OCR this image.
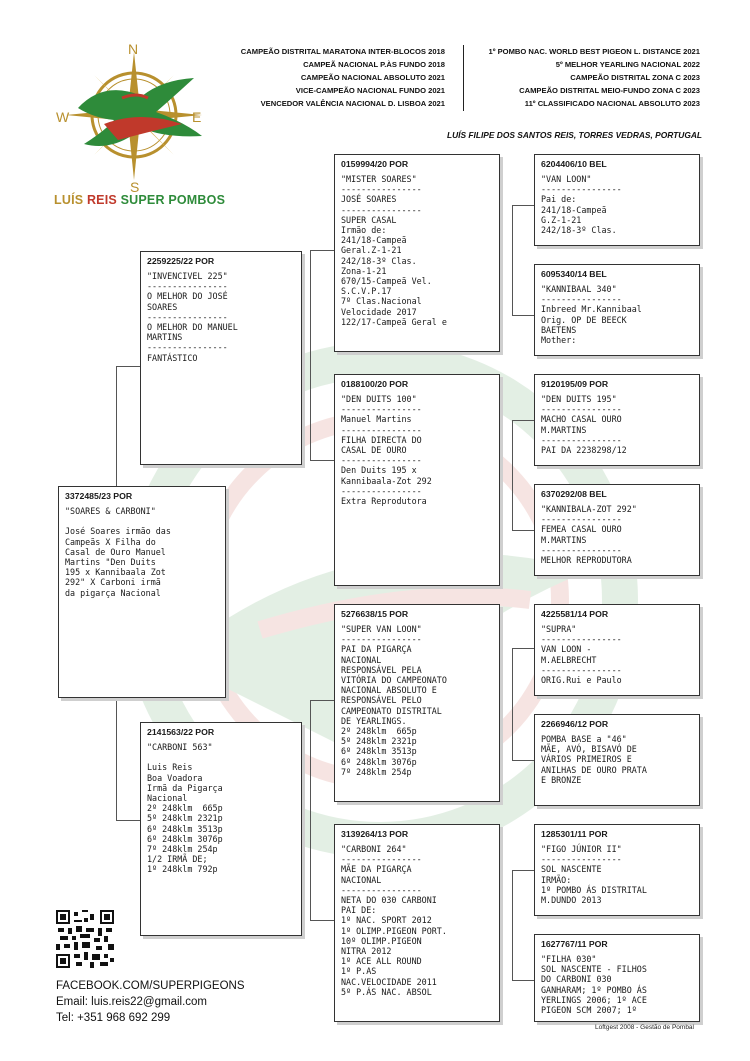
N
S
E
W
LUÍS REIS SUPER POMBOS
CAMPEÃO DISTRITAL MARATONA INTER-BLOCOS 2018
CAMPEÃ NACIONAL P.ÀS FUNDO 2018
CAMPEÃO NACIONAL ABSOLUTO 2021
VICE-CAMPEÃO NACIONAL FUNDO 2021
VENCEDOR VALÊNCIA NACIONAL D. LISBOA 2021
1º POMBO NAC. WORLD BEST PIGEON L. DISTANCE 2021
5º MELHOR YEARLING NACIONAL 2022
CAMPEÃO DISTRITAL ZONA C 2023
CAMPEÃO DISTRITAL MEIO-FUNDO ZONA C 2023
11º CLASSIFICADO NACIONAL ABSOLUTO 2023
LUÍS FILIPE DOS SANTOS REIS, TORRES VEDRAS, PORTUGAL
3372485/23 POR
"SOARES & CARBONI"

José Soares irmão das
Campeãs X Filha do
Casal de Ouro Manuel
Martins "Den Duits
195 x Kannibaala Zot
292" X Carboni irmã
da pigarça Nacional
2259225/22 POR
"INVENCIVEL 225"
----------------
O MELHOR DO JOSÉ
SOARES
----------------
O MELHOR DO MANUEL
MARTINS
----------------
FANTÁSTICO
2141563/22 POR
"CARBONI 563"

Luis Reis
Boa Voadora
Irmã da Pigarça
Nacional
2º 248klm  665p
5º 248klm 2321p
6º 248klm 3513p
6º 248klm 3076p
7º 248klm 254p
1/2 IRMÃ DE;
1º 248klm 792p
0159994/20 POR
"MISTER SOARES"
----------------
JOSÉ SOARES
----------------
SUPER CASAL
Irmão de:
241/18-Campeã
Geral.Z-1-21
242/18-3º Clas.
Zona-1-21
670/15-Campeã Vel.
S.C.V.P.17
7º Clas.Nacional
Velocidade 2017
122/17-Campeã Geral e
0188100/20 POR
"DEN DUITS 100"
----------------
Manuel Martins
----------------
FILHA DIRECTA DO
CASAL DE OURO
----------------
Den Duits 195 x
Kannibaala-Zot 292
----------------
Extra Reprodutora
5276638/15 POR
"SUPER VAN LOON"
----------------
PAI DA PIGARÇA
NACIONAL
RESPONSÁVEL PELA
VITÓRIA DO CAMPEONATO
NACIONAL ABSOLUTO E
RESPONSÁVEL PELO
CAMPEONATO DISTRITAL
DE YEARLINGS.
2º 248klm  665p
5º 248klm 2321p
6º 248klm 3513p
6º 248klm 3076p
7º 248klm 254p
3139264/13 POR
"CARBONI 264"
----------------
MÃE DA PIGARÇA
NACIONAL
----------------
NETA DO 030 CARBONI
PAI DE:
1º NAC. SPORT 2012
1º OLIMP.PIGEON PORT.
10º OLIMP.PIGEON
NITRA 2012
1º ACE ALL ROUND
1º P.AS
NAC.VELOCIDADE 2011
5º P.ÁS NAC. ABSOL
6204406/10 BEL
"VAN LOON"
----------------
Pai de:
241/18-Campeã
G.Z-1-21
242/18-3º Clas.
6095340/14 BEL
"KANNIBAAL 340"
----------------
Inbreed Mr.Kannibaal
Orig. OP DE BEECK
BAETENS
Mother:
9120195/09 POR
"DEN DUITS 195"
----------------
MACHO CASAL OURO
M.MARTINS
----------------
PAI DA 2238298/12
6370292/08 BEL
"KANNIBALA-ZOT 292"
----------------
FEMEA CASAL OURO
M.MARTINS
----------------
MELHOR REPRODUTORA
4225581/14 POR
"SUPRA"
----------------
VAN LOON -
M.AELBRECHT
----------------
ORIG.Rui e Paulo
2266946/12 POR
POMBA BASE a "46"
MÃE, AVÓ, BISAVÓ DE
VÁRIOS PRIMEIROS E
ANILHAS DE OURO PRATA
E BRONZE
1285301/11 POR
"FIGO JÚNIOR II"
----------------
SOL NASCENTE
IRMÃO:
1º POMBO ÁS DISTRITAL
M.DUNDO 2013
1627767/11 POR
"FILHA 030"
SOL NASCENTE - FILHOS
DO CARBONI 030
GANHARAM; 1º POMBO ÁS
YERLINGS 2006; 1º ACE
PIGEON SCM 2007; 1º
FACEBOOK.COM/SUPERPIGEONS
Email: luis.reis22@gmail.com
Tel: +351 968 692 299
Loftgest 2008 - Gestão de Pombal
